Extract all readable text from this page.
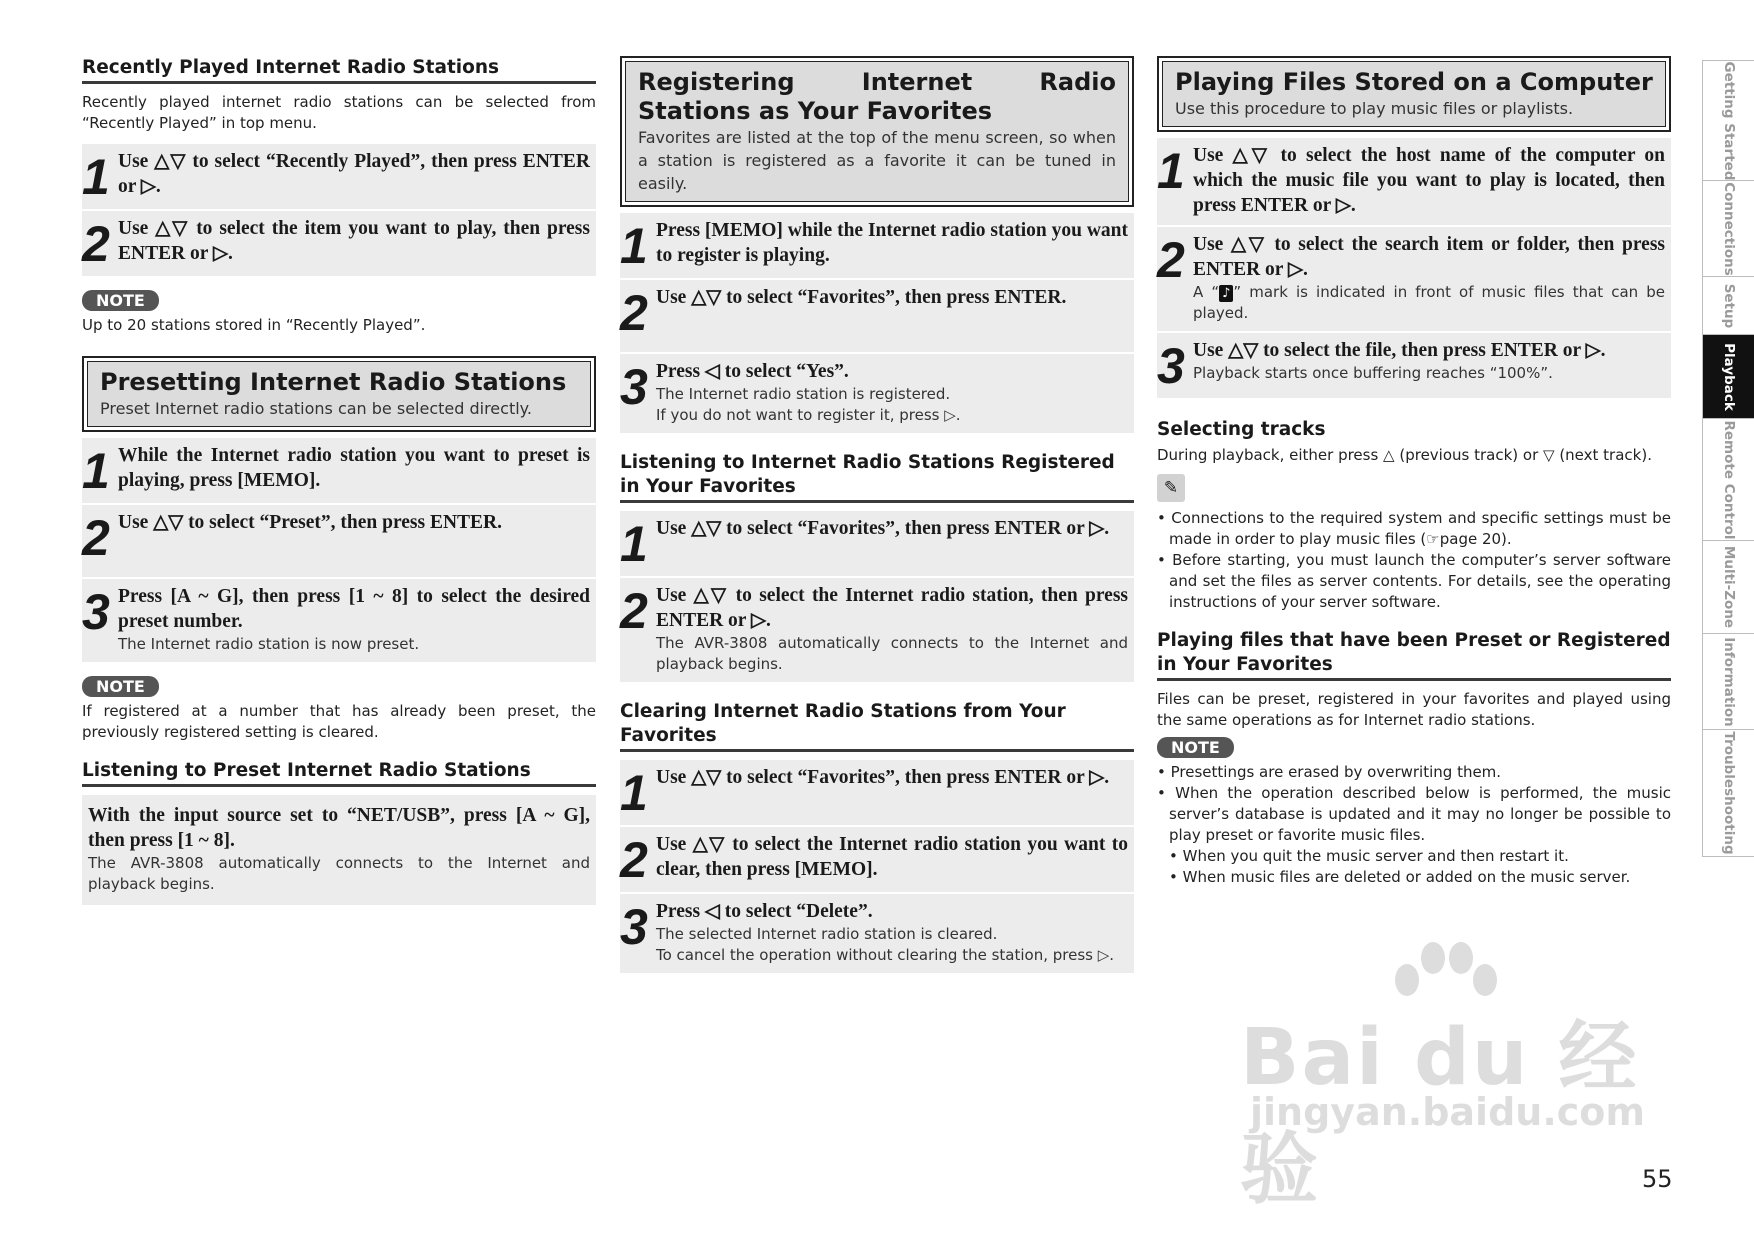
Recently Played Internet Radio Stations
Recently played internet radio stations can be selected from “Recently Played” in top menu.
1 Use △▽ to select “Recently Played”, then press ENTER or ▷.
2 Use △▽ to select the item you want to play, then press ENTER or ▷.
NOTE
Up to 20 stations stored in “Recently Played”.
Presetting Internet Radio Stations
Preset Internet radio stations can be selected directly.
1 While the Internet radio station you want to preset is playing, press [MEMO].
2 Use △▽ to select “Preset”, then press ENTER.
3 Press [A ~ G], then press [1 ~ 8] to select the desired preset number.
The Internet radio station is now preset.
NOTE
If registered at a number that has already been preset, the previously registered setting is cleared.
Listening to Preset Internet Radio Stations
With the input source set to “NET/USB”, press [A ~ G], then press [1 ~ 8].
The AVR-3808 automatically connects to the Internet and playback begins.
Registering Internet Radio Stations as Your Favorites
Favorites are listed at the top of the menu screen, so when a station is registered as a favorite it can be tuned in easily.
1 Press [MEMO] while the Internet radio station you want to register is playing.
2 Use △▽ to select “Favorites”, then press ENTER.
3 Press ◁ to select “Yes”.
The Internet radio station is registered.
If you do not want to register it, press ▷.
Listening to Internet Radio Stations Registered in Your Favorites
1 Use △▽ to select “Favorites”, then press ENTER or ▷.
2 Use △▽ to select the Internet radio station, then press ENTER or ▷.
The AVR-3808 automatically connects to the Internet and playback begins.
Clearing Internet Radio Stations from Your Favorites
1 Use △▽ to select “Favorites”, then press ENTER or ▷.
2 Use △▽ to select the Internet radio station you want to clear, then press [MEMO].
3 Press ◁ to select “Delete”.
The selected Internet radio station is cleared.
To cancel the operation without clearing the station, press ▷.
Playing Files Stored on a Computer
Use this procedure to play music files or playlists.
1 Use △▽ to select the host name of the computer on which the music file you want to play is located, then press ENTER or ▷.
2 Use △▽ to select the search item or folder, then press ENTER or ▷.
A “ ♪ ” mark is indicated in front of music files that can be played.
3 Use △▽ to select the file, then press ENTER or ▷.
Playback starts once buffering reaches “100%”.
Selecting tracks
During playback, either press △ (previous track) or ▽ (next track).
✎
• Connections to the required system and specific settings must be made in order to play music files (☞page 20).
• Before starting, you must launch the computer’s server software and set the files as server contents. For details, see the operating instructions of your server software.
Playing files that have been Preset or Registered in Your Favorites
Files can be preset, registered in your favorites and played using the same operations as for Internet radio stations.
NOTE
• Presettings are erased by overwriting them.
• When the operation described below is performed, the music server’s database is updated and it may no longer be possible to play preset or favorite music files.
• When you quit the music server and then restart it.
• When music files are deleted or added on the music server.
Getting Started
Connections
Setup
Playback
Remote Control
Multi-Zone
Information
Troubleshooting
Bai du 经验
jingyan.baidu.com
55
